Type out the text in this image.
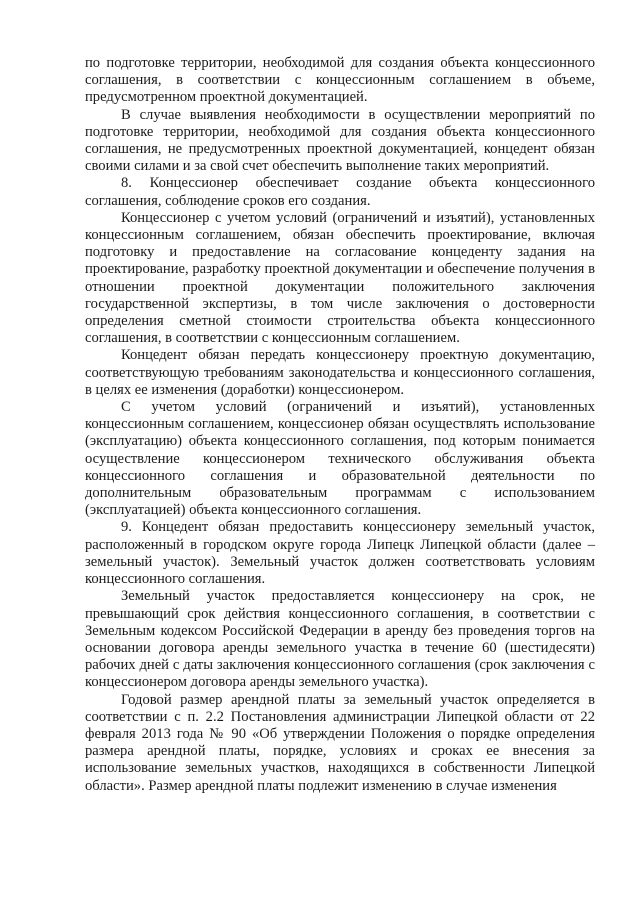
по подготовке территории, необходимой для создания объекта концессионного соглашения, в соответствии с концессионным соглашением в объеме, предусмотренном проектной документацией.

В случае выявления необходимости в осуществлении мероприятий по подготовке территории, необходимой для создания объекта концессионного соглашения, не предусмотренных проектной документацией, концедент обязан своими силами и за свой счет обеспечить выполнение таких мероприятий.

8. Концессионер обеспечивает создание объекта концессионного соглашения, соблюдение сроков его создания.

Концессионер с учетом условий (ограничений и изъятий), установленных концессионным соглашением, обязан обеспечить проектирование, включая подготовку и предоставление на согласование концеденту задания на проектирование, разработку проектной документации и обеспечение получения в отношении проектной документации положительного заключения государственной экспертизы, в том числе заключения о достоверности определения сметной стоимости строительства объекта концессионного соглашения, в соответствии с концессионным соглашением.

Концедент обязан передать концессионеру проектную документацию, соответствующую требованиям законодательства и концессионного соглашения, в целях ее изменения (доработки) концессионером.

С учетом условий (ограничений и изъятий), установленных концессионным соглашением, концессионер обязан осуществлять использование (эксплуатацию) объекта концессионного соглашения, под которым понимается осуществление концессионером технического обслуживания объекта концессионного соглашения и образовательной деятельности по дополнительным образовательным программам с использованием (эксплуатацией) объекта концессионного соглашения.

9. Концедент обязан предоставить концессионеру земельный участок, расположенный в городском округе города Липецк Липецкой области (далее – земельный участок). Земельный участок должен соответствовать условиям концессионного соглашения.

Земельный участок предоставляется концессионеру на срок, не превышающий срок действия концессионного соглашения, в соответствии с Земельным кодексом Российской Федерации в аренду без проведения торгов на основании договора аренды земельного участка в течение 60 (шестидесяти) рабочих дней с даты заключения концессионного соглашения (срок заключения с концессионером договора аренды земельного участка).

Годовой размер арендной платы за земельный участок определяется в соответствии с п. 2.2 Постановления администрации Липецкой области от 22 февраля 2013 года № 90 «Об утверждении Положения о порядке определения размера арендной платы, порядке, условиях и сроках ее внесения за использование земельных участков, находящихся в собственности Липецкой области». Размер арендной платы подлежит изменению в случае изменения
